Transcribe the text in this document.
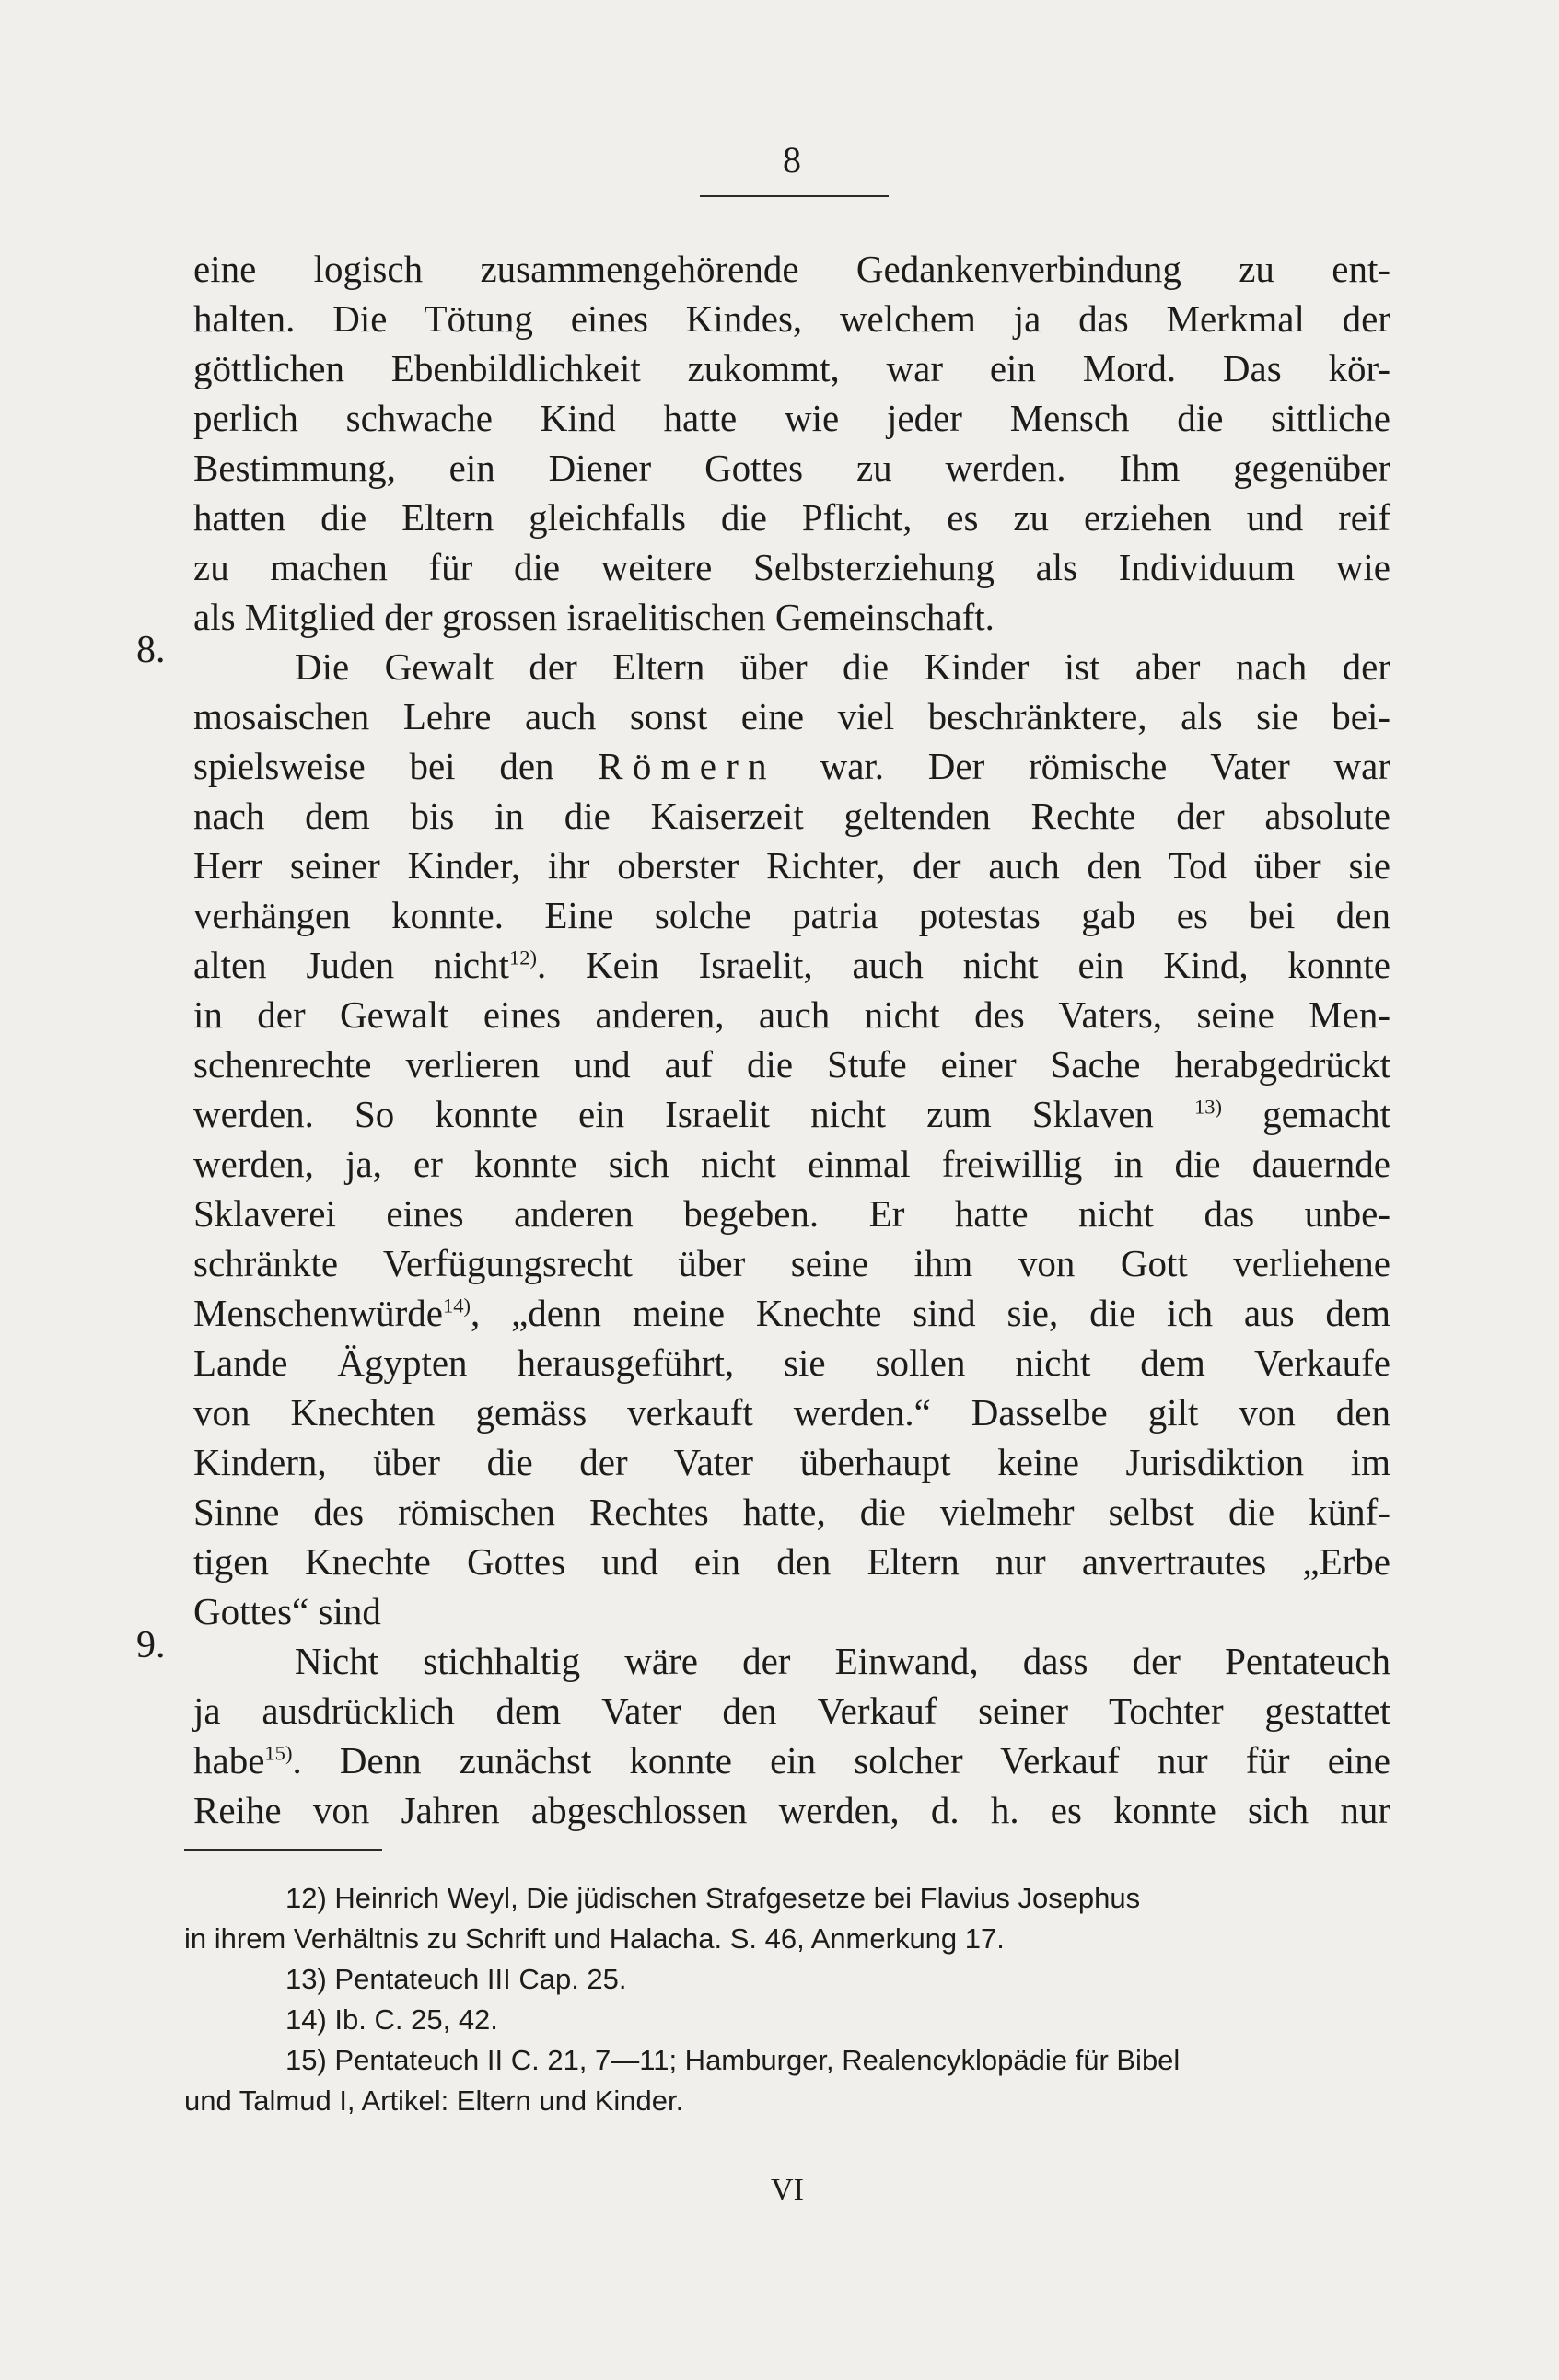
8
8.
9.
eine logisch zusammengehörende Gedankenverbindung zu ent-
halten. Die Tötung eines Kindes, welchem ja das Merkmal der
göttlichen Ebenbildlichkeit zukommt, war ein Mord. Das kör-
perlich schwache Kind hatte wie jeder Mensch die sittliche
Bestimmung, ein Diener Gottes zu werden. Ihm gegenüber
hatten die Eltern gleichfalls die Pflicht, es zu erziehen und reif
zu machen für die weitere Selbsterziehung als Individuum wie
als Mitglied der grossen israelitischen Gemeinschaft.
Die Gewalt der Eltern über die Kinder ist aber nach der
mosaischen Lehre auch sonst eine viel beschränktere, als sie bei-
spielsweise bei den Römern war. Der römische Vater war
nach dem bis in die Kaiserzeit geltenden Rechte der absolute
Herr seiner Kinder, ihr oberster Richter, der auch den Tod über sie
verhängen konnte. Eine solche patria potestas gab es bei den
alten Juden nicht$^{12)}$. Kein Israelit, auch nicht ein Kind, konnte
in der Gewalt eines anderen, auch nicht des Vaters, seine Men-
schenrechte verlieren und auf die Stufe einer Sache herabgedrückt
werden. So konnte ein Israelit nicht zum Sklaven $^{13)}$ gemacht
werden, ja, er konnte sich nicht einmal freiwillig in die dauernde
Sklaverei eines anderen begeben. Er hatte nicht das unbe-
schränkte Verfügungsrecht über seine ihm von Gott verliehene
Menschenwürde$^{14)}$, „denn meine Knechte sind sie, die ich aus dem
Lande Ägypten herausgeführt, sie sollen nicht dem Verkaufe
von Knechten gemäss verkauft werden.“ Dasselbe gilt von den
Kindern, über die der Vater überhaupt keine Jurisdiktion im
Sinne des römischen Rechtes hatte, die vielmehr selbst die künf-
tigen Knechte Gottes und ein den Eltern nur anvertrautes „Erbe
Gottes“ sind
Nicht stichhaltig wäre der Einwand, dass der Pentateuch
ja ausdrücklich dem Vater den Verkauf seiner Tochter gestattet
habe$^{15)}$. Denn zunächst konnte ein solcher Verkauf nur für eine
Reihe von Jahren abgeschlossen werden, d. h. es konnte sich nur
12) Heinrich Weyl, Die jüdischen Strafgesetze bei Flavius Josephus
in ihrem Verhältnis zu Schrift und Halacha. S. 46, Anmerkung 17.
13) Pentateuch III Cap. 25.
14) Ib. C. 25, 42.
15) Pentateuch II C. 21, 7—11; Hamburger, Realencyklopädie für Bibel
und Talmud I, Artikel: Eltern und Kinder.
VI
